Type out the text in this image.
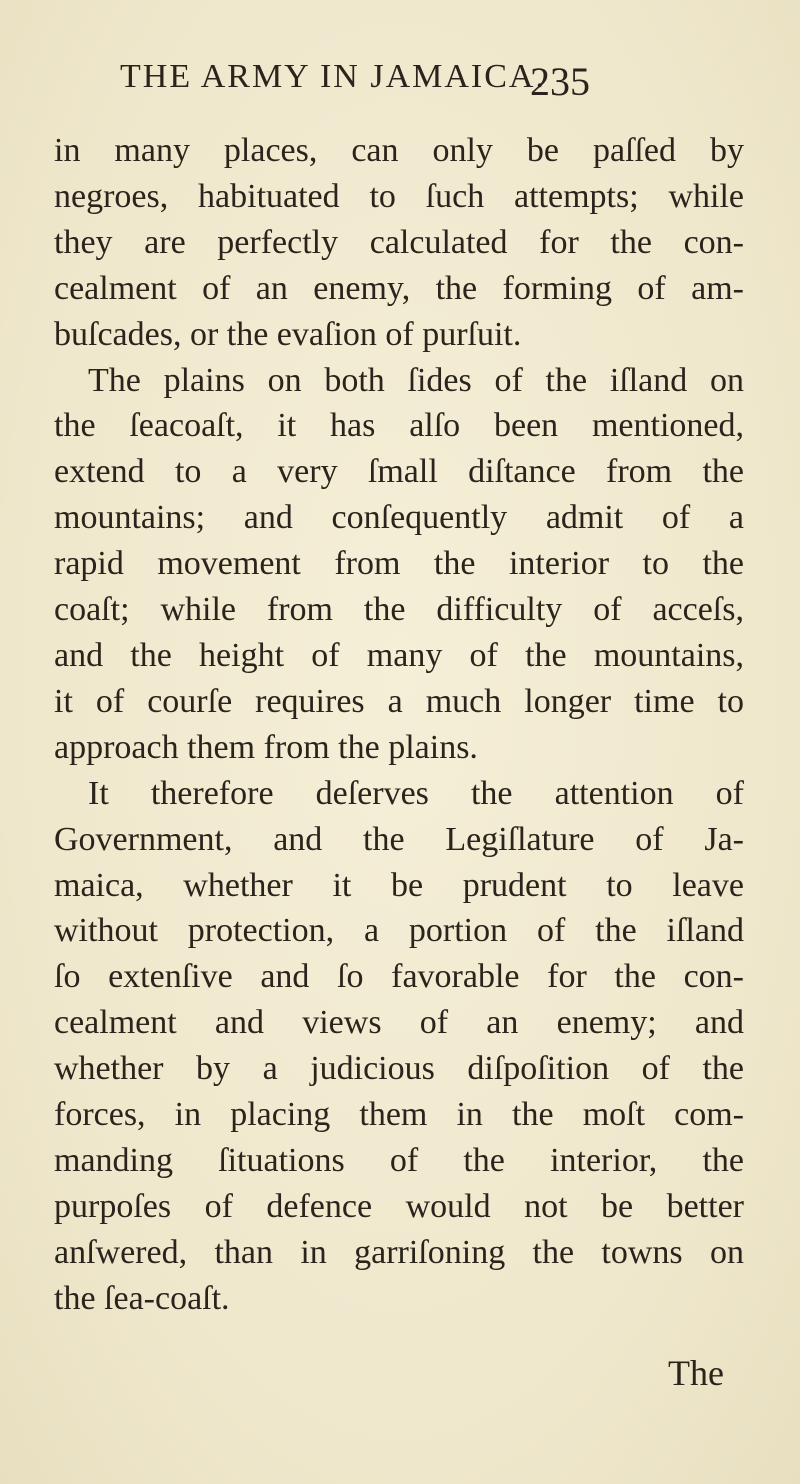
THE ARMY IN JAMAICA.
235
in many places, can only be paſſed by
negroes, habituated to ſuch attempts; while
they are perfectly calculated for the con-
cealment of an enemy, the forming of am-
buſcades, or the evaſion of purſuit.
The plains on both ſides of the iſland on
the ſeacoaſt, it has alſo been mentioned,
extend to a very ſmall diſtance from the
mountains; and conſequently admit of a
rapid movement from the interior to the
coaſt; while from the difficulty of acceſs,
and the height of many of the mountains,
it of courſe requires a much longer time to
approach them from the plains.
It therefore deſerves the attention of
Government, and the Legiſlature of Ja-
maica, whether it be prudent to leave
without protection, a portion of the iſland
ſo extenſive and ſo favorable for the con-
cealment and views of an enemy; and
whether by a judicious diſpoſition of the
forces, in placing them in the moſt com-
manding ſituations of the interior, the
purpoſes of defence would not be better
anſwered, than in garriſoning the towns on
the ſea-coaſt.
The
